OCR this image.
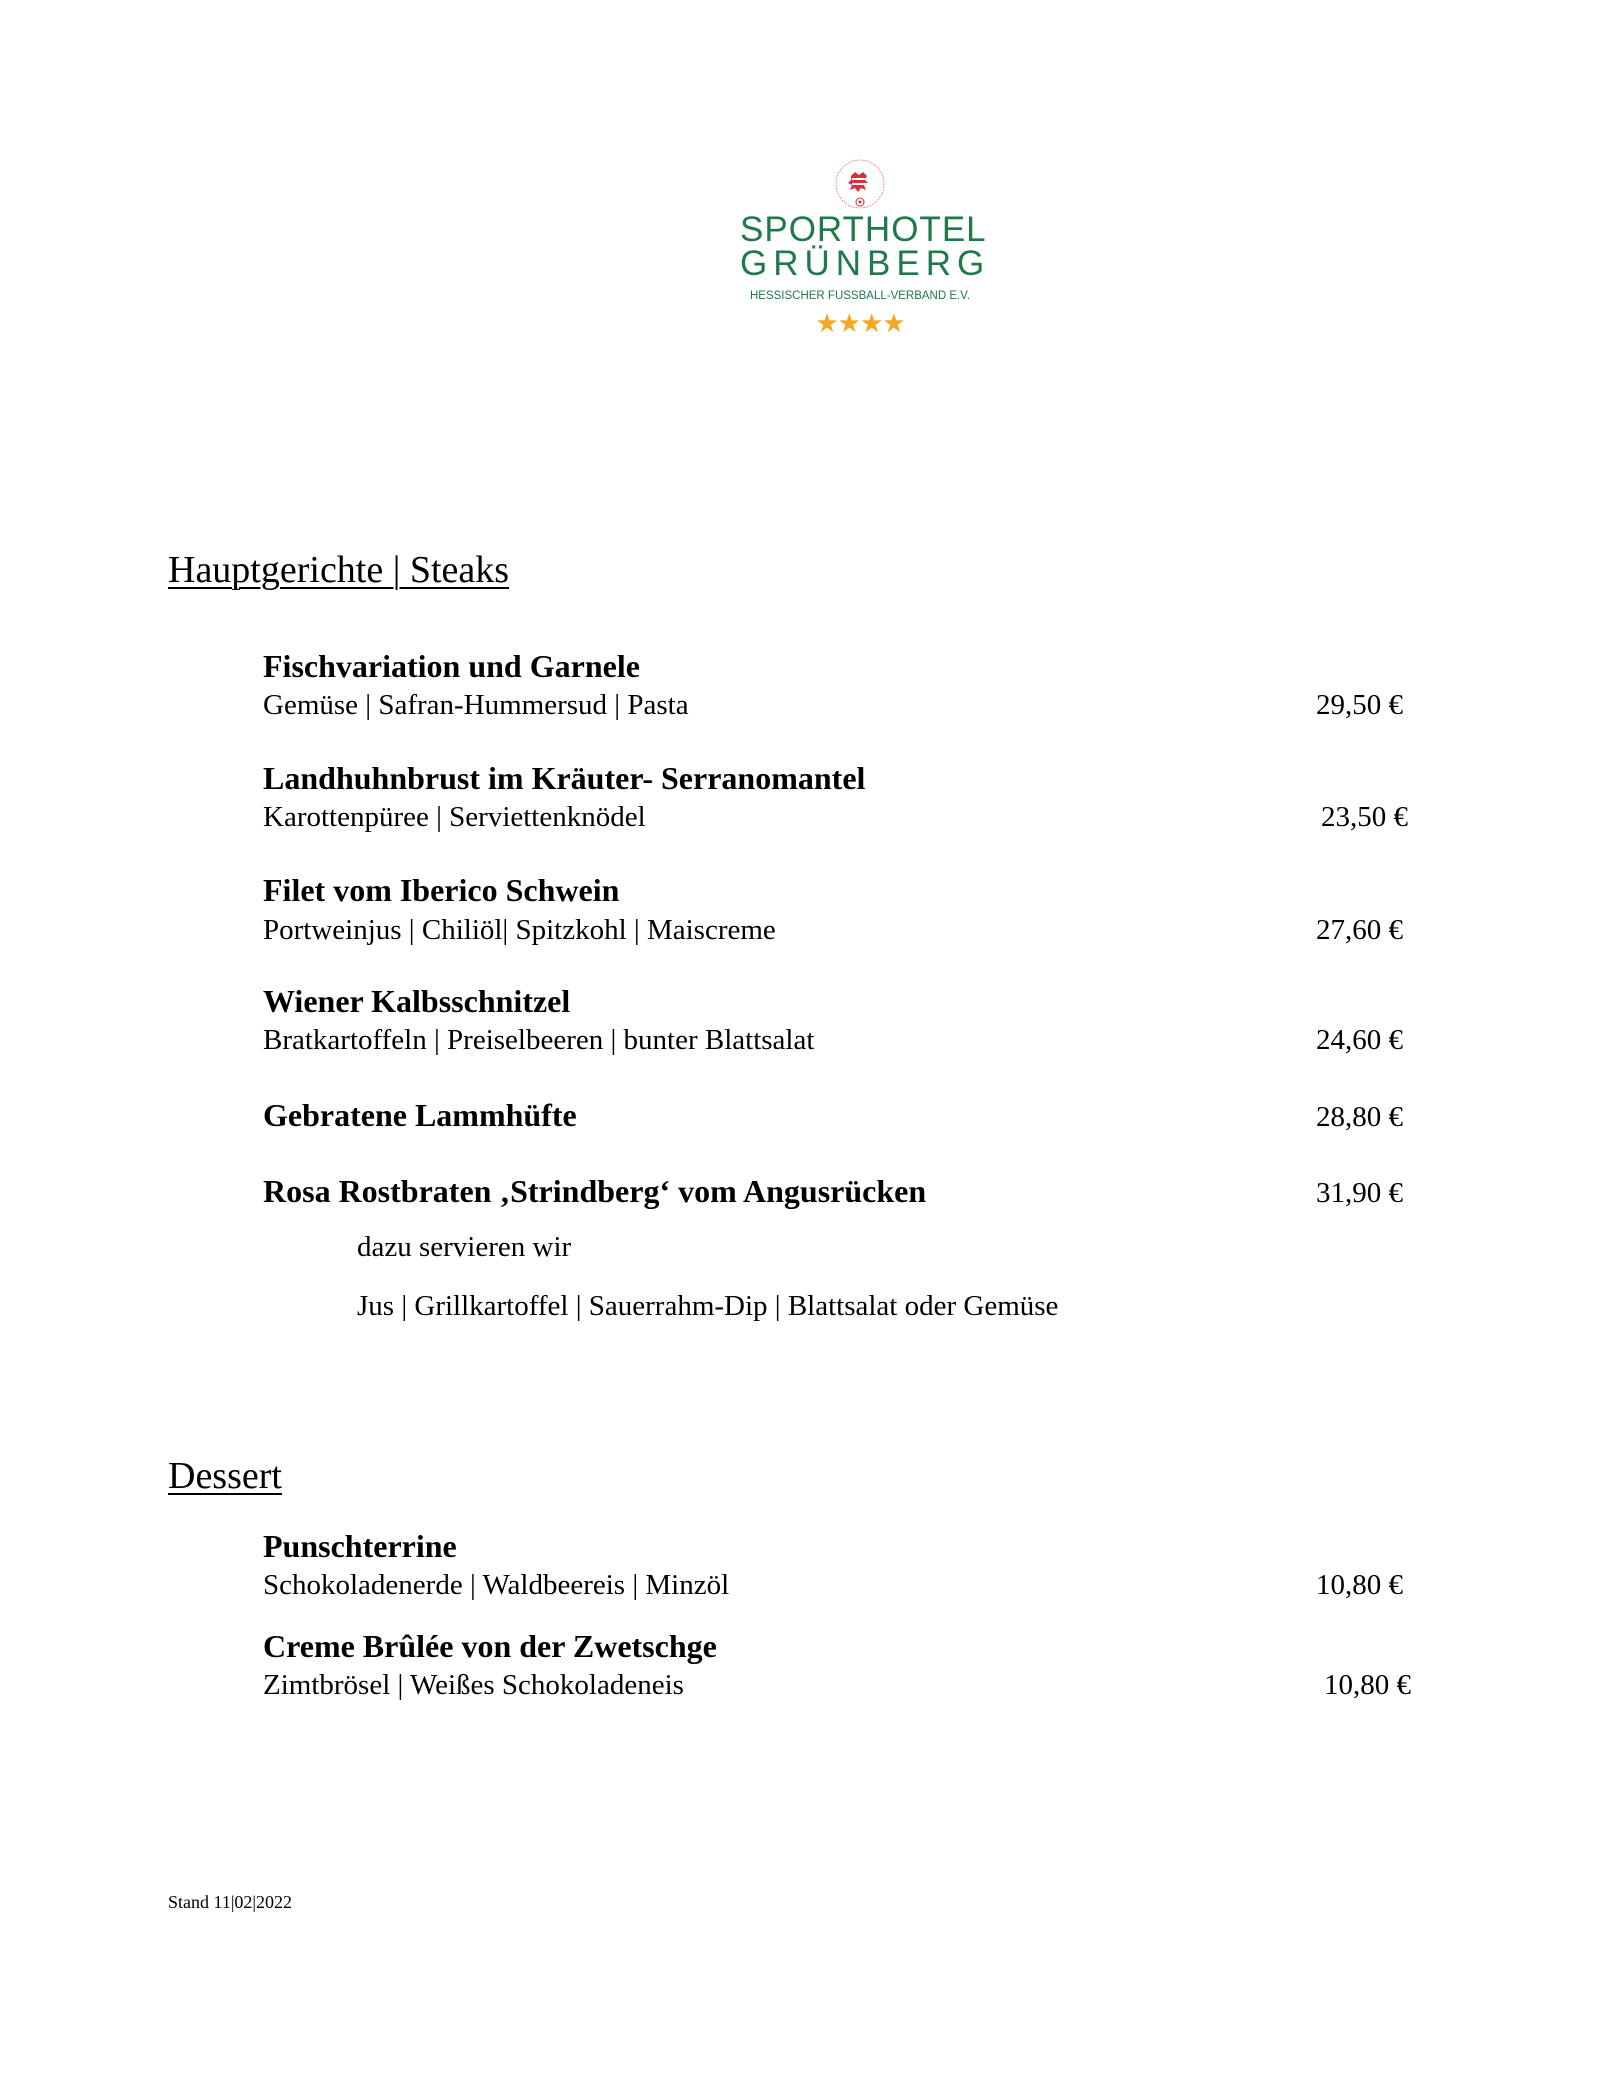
SPORTHOTEL
GRÜNBERG
HESSISCHER FUSSBALL-VERBAND E.V.
★★★★
Hauptgerichte | Steaks
Fischvariation und Garnele
Gemüse | Safran-Hummersud | Pasta	29,50 €
Landhuhnbrust im Kräuter- Serranomantel
Karottenpüree | Serviettenknödel	23,50 €
Filet vom Iberico Schwein
Portweinjus | Chiliöl| Spitzkohl | Maiscreme	27,60 €
Wiener Kalbsschnitzel
Bratkartoffeln | Preiselbeeren | bunter Blattsalat	24,60 €
Gebratene Lammhüfte	28,80 €
Rosa Rostbraten ‚Strindberg‘ vom Angusrücken	31,90 €
dazu servieren wir
Jus | Grillkartoffel | Sauerrahm-Dip | Blattsalat oder Gemüse
Dessert
Punschterrine
Schokoladenerde | Waldbeereis | Minzöl	10,80 €
Creme Brûlée von der Zwetschge
Zimtbrösel | Weißes Schokoladeneis	10,80 €
Stand 11|02|2022
